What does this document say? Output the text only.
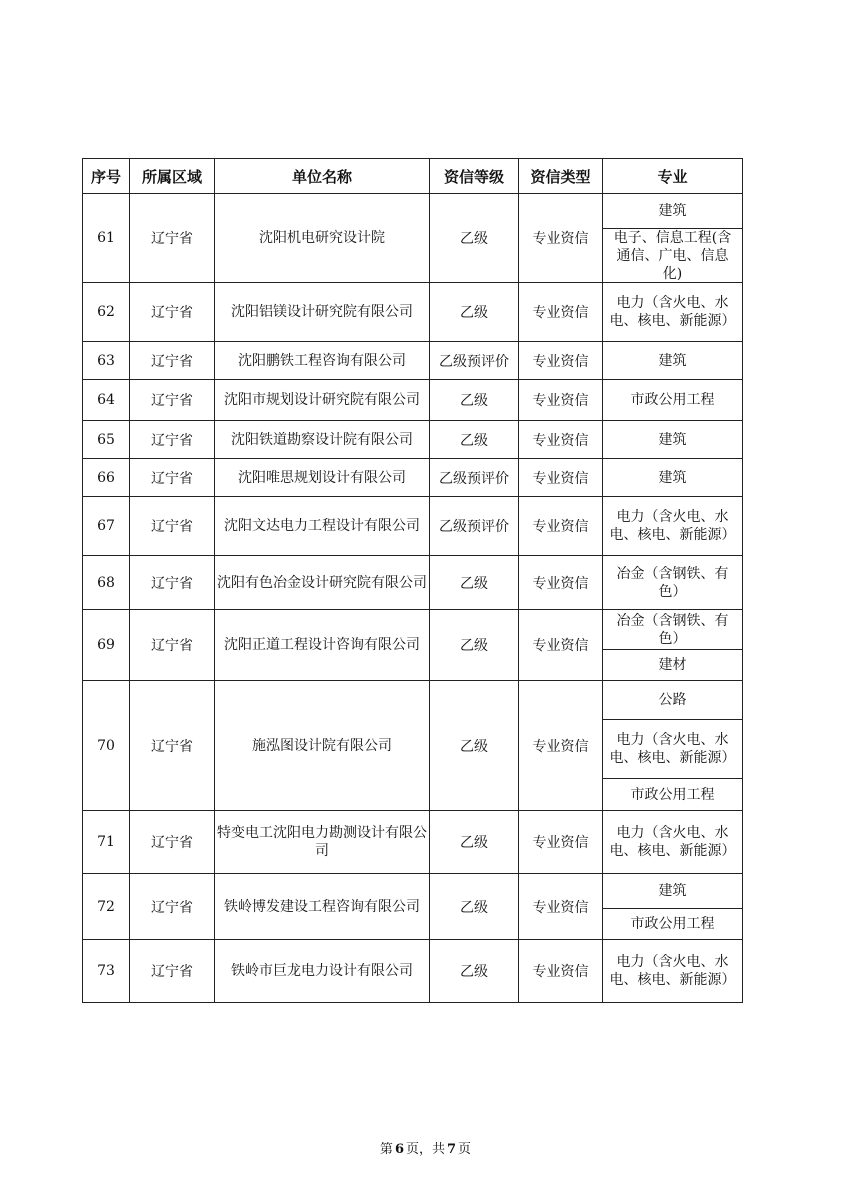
序号	所属区域	单位名称	资信等级	资信类型	专业
61	辽宁省	沈阳机电研究设计院	乙级	专业资信	建筑
电子、信息工程(含通信、广电、信息化)

62	辽宁省	沈阳铝镁设计研究院有限公司	乙级	专业资信	电力（含火电、水电、核电、新能源）

63	辽宁省	沈阳鹏铁工程咨询有限公司	乙级预评价	专业资信	建筑

64	辽宁省	沈阳市规划设计研究院有限公司	乙级	专业资信	市政公用工程

65	辽宁省	沈阳铁道勘察设计院有限公司	乙级	专业资信	建筑

66	辽宁省	沈阳唯思规划设计有限公司	乙级预评价	专业资信	建筑

67	辽宁省	沈阳文达电力工程设计有限公司	乙级预评价	专业资信	电力（含火电、水电、核电、新能源）

68	辽宁省	沈阳有色冶金设计研究院有限公司	乙级	专业资信	冶金（含钢铁、有色）

69	辽宁省	沈阳正道工程设计咨询有限公司	乙级	专业资信	冶金（含钢铁、有色）
建材

70	辽宁省	施泓图设计院有限公司	乙级	专业资信	公路
电力（含火电、水电、核电、新能源）
市政公用工程

71	辽宁省	特变电工沈阳电力勘测设计有限公司	乙级	专业资信	电力（含火电、水电、核电、新能源）

72	辽宁省	铁岭博发建设工程咨询有限公司	乙级	专业资信	建筑
市政公用工程

73	辽宁省	铁岭市巨龙电力设计有限公司	乙级	专业资信	电力（含火电、水电、核电、新能源）
第 6 页，共 7 页
